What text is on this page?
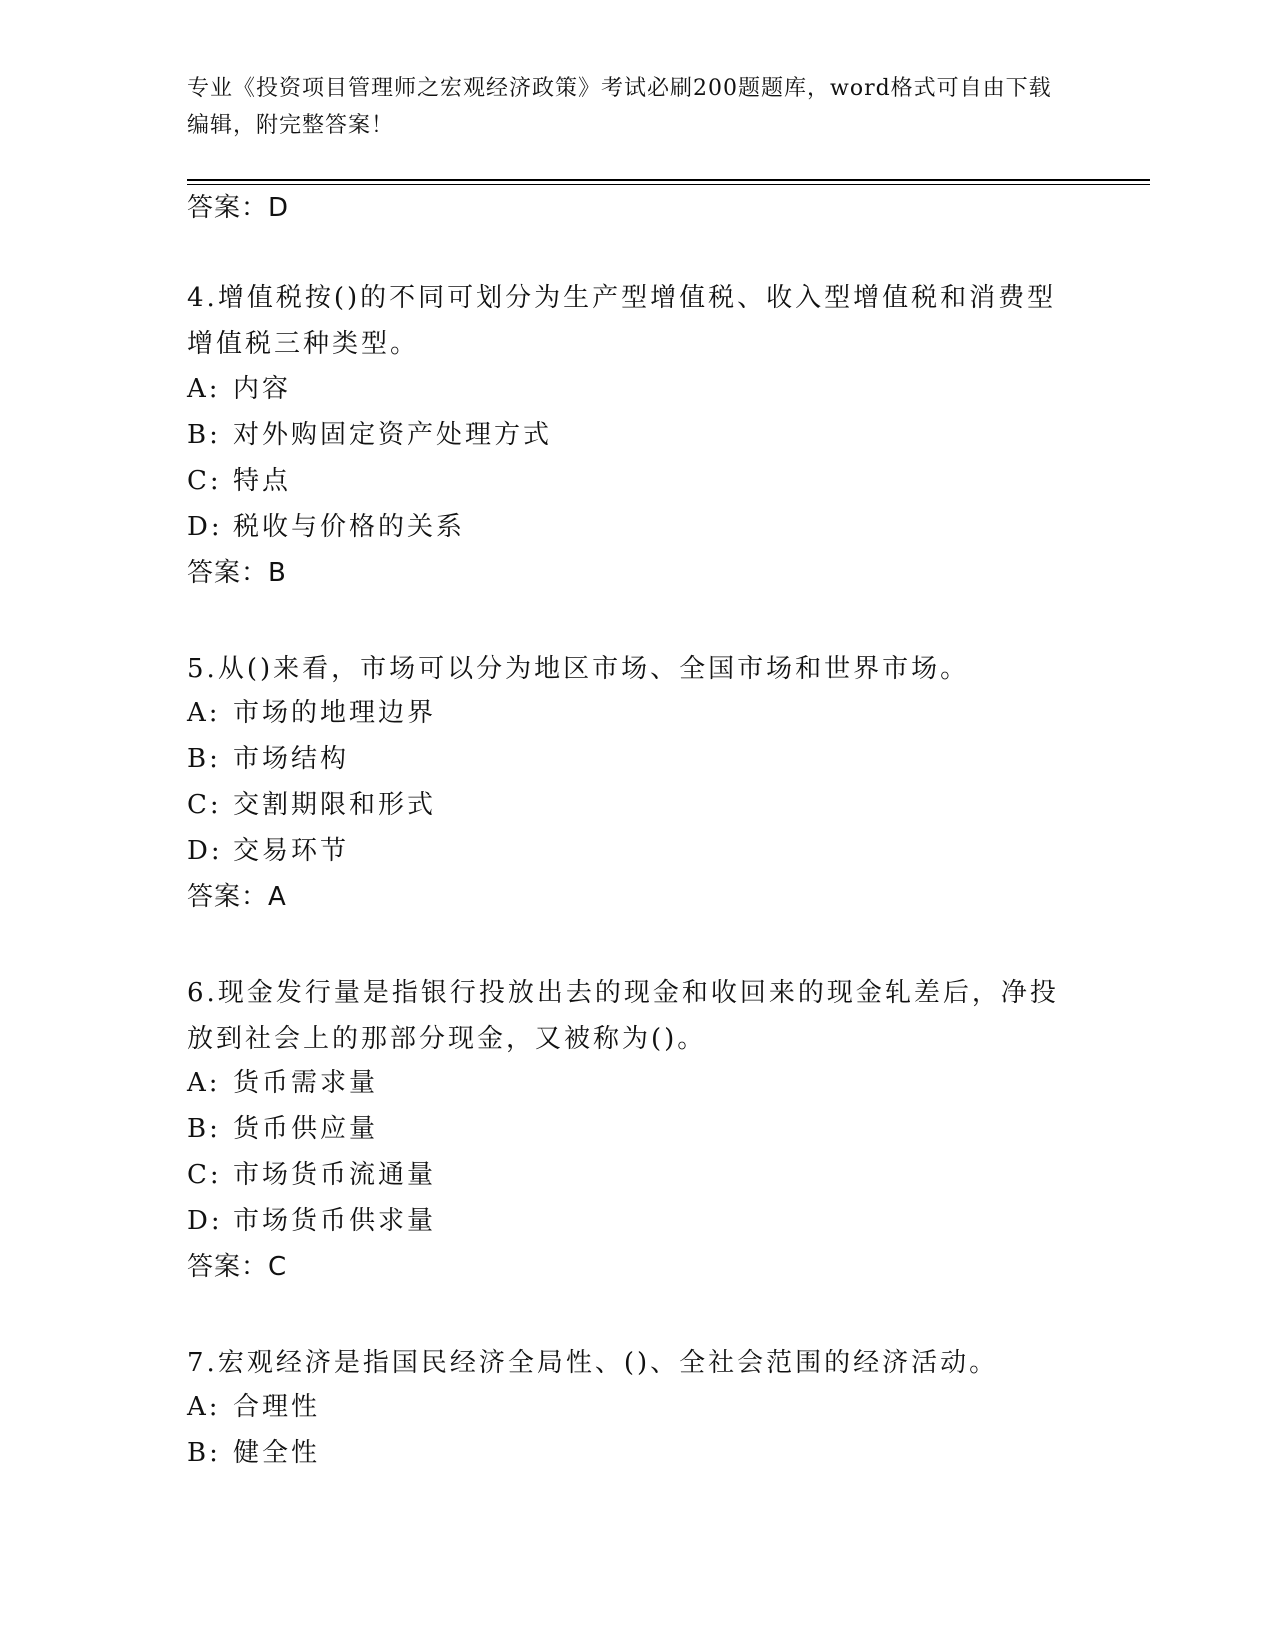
专业《投资项目管理师之宏观经济政策》考试必刷200题题库，word格式可自由下载编辑，附完整答案！
答案：D
4.增值税按()的不同可划分为生产型增值税、收入型增值税和消费型增值税三种类型。
A: 内容
B: 对外购固定资产处理方式
C: 特点
D: 税收与价格的关系
答案：B
5.从()来看，市场可以分为地区市场、全国市场和世界市场。
A: 市场的地理边界
B: 市场结构
C: 交割期限和形式
D: 交易环节
答案：A
6.现金发行量是指银行投放出去的现金和收回来的现金轧差后，净投放到社会上的那部分现金，又被称为()。
A: 货币需求量
B: 货币供应量
C: 市场货币流通量
D: 市场货币供求量
答案：C
7.宏观经济是指国民经济全局性、()、全社会范围的经济活动。
A: 合理性
B: 健全性
